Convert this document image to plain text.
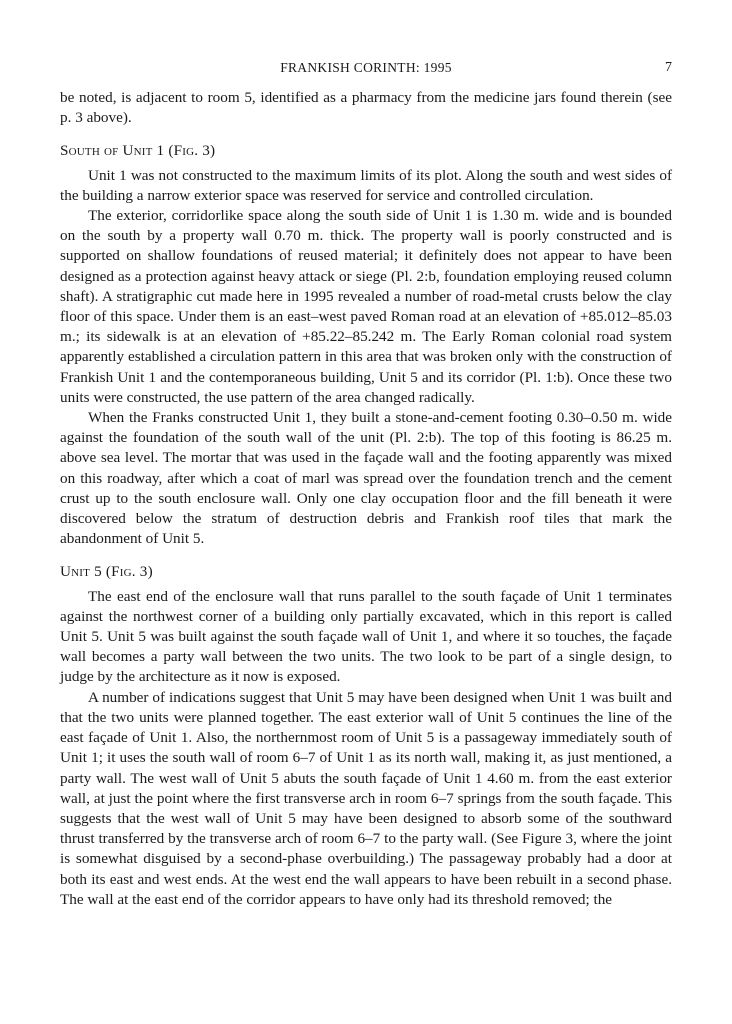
FRANKISH CORINTH: 1995	7

be noted, is adjacent to room 5, identified as a pharmacy from the medicine jars found therein (see p. 3 above).

South of Unit 1 (Fig. 3)

Unit 1 was not constructed to the maximum limits of its plot. Along the south and west sides of the building a narrow exterior space was reserved for service and controlled circulation.

The exterior, corridorlike space along the south side of Unit 1 is 1.30 m. wide and is bounded on the south by a property wall 0.70 m. thick. The property wall is poorly constructed and is supported on shallow foundations of reused material; it definitely does not appear to have been designed as a protection against heavy attack or siege (Pl. 2:b, foundation employing reused column shaft). A stratigraphic cut made here in 1995 revealed a number of road-metal crusts below the clay floor of this space. Under them is an east–west paved Roman road at an elevation of +85.012–85.03 m.; its sidewalk is at an elevation of +85.22–85.242 m. The Early Roman colonial road system apparently established a circulation pattern in this area that was broken only with the construction of Frankish Unit 1 and the contemporaneous building, Unit 5 and its corridor (Pl. 1:b). Once these two units were constructed, the use pattern of the area changed radically.

When the Franks constructed Unit 1, they built a stone-and-cement footing 0.30–0.50 m. wide against the foundation of the south wall of the unit (Pl. 2:b). The top of this footing is 86.25 m. above sea level. The mortar that was used in the façade wall and the footing apparently was mixed on this roadway, after which a coat of marl was spread over the foundation trench and the cement crust up to the south enclosure wall. Only one clay occupation floor and the fill beneath it were discovered below the stratum of destruction debris and Frankish roof tiles that mark the abandonment of Unit 5.

Unit 5 (Fig. 3)

The east end of the enclosure wall that runs parallel to the south façade of Unit 1 terminates against the northwest corner of a building only partially excavated, which in this report is called Unit 5. Unit 5 was built against the south façade wall of Unit 1, and where it so touches, the façade wall becomes a party wall between the two units. The two look to be part of a single design, to judge by the architecture as it now is exposed.

A number of indications suggest that Unit 5 may have been designed when Unit 1 was built and that the two units were planned together. The east exterior wall of Unit 5 continues the line of the east façade of Unit 1. Also, the northernmost room of Unit 5 is a passageway immediately south of Unit 1; it uses the south wall of room 6–7 of Unit 1 as its north wall, making it, as just mentioned, a party wall. The west wall of Unit 5 abuts the south façade of Unit 1 4.60 m. from the east exterior wall, at just the point where the first transverse arch in room 6–7 springs from the south façade. This suggests that the west wall of Unit 5 may have been designed to absorb some of the southward thrust transferred by the transverse arch of room 6–7 to the party wall. (See Figure 3, where the joint is somewhat disguised by a second-phase overbuilding.) The passageway probably had a door at both its east and west ends. At the west end the wall appears to have been rebuilt in a second phase. The wall at the east end of the corridor appears to have only had its threshold removed; the
